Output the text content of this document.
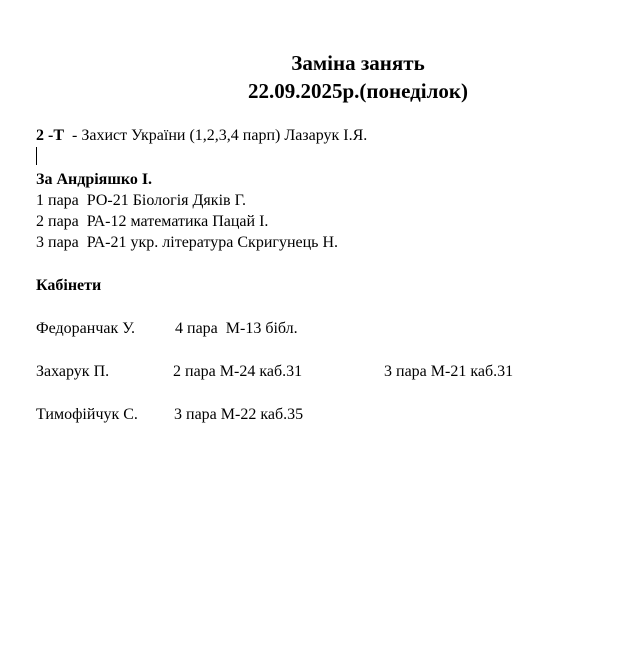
Заміна занять
22.09.2025р.(понеділок)
2 -Т  - Захист України (1,2,3,4 парп) Лазарук І.Я.
За Андріяшко І.
1 пара  РО-21 Біологія Дяків Г.
2 пара  РА-12 математика Пацай І.
3 пара  РА-21 укр. література Скригунець Н.
Кабінети
Федоранчак У.	4 пара  М-13 бібл.
Захарук П.	2 пара М-24 каб.31	3 пара М-21 каб.31
Тимофійчук С. 3 пара М-22 каб.35
